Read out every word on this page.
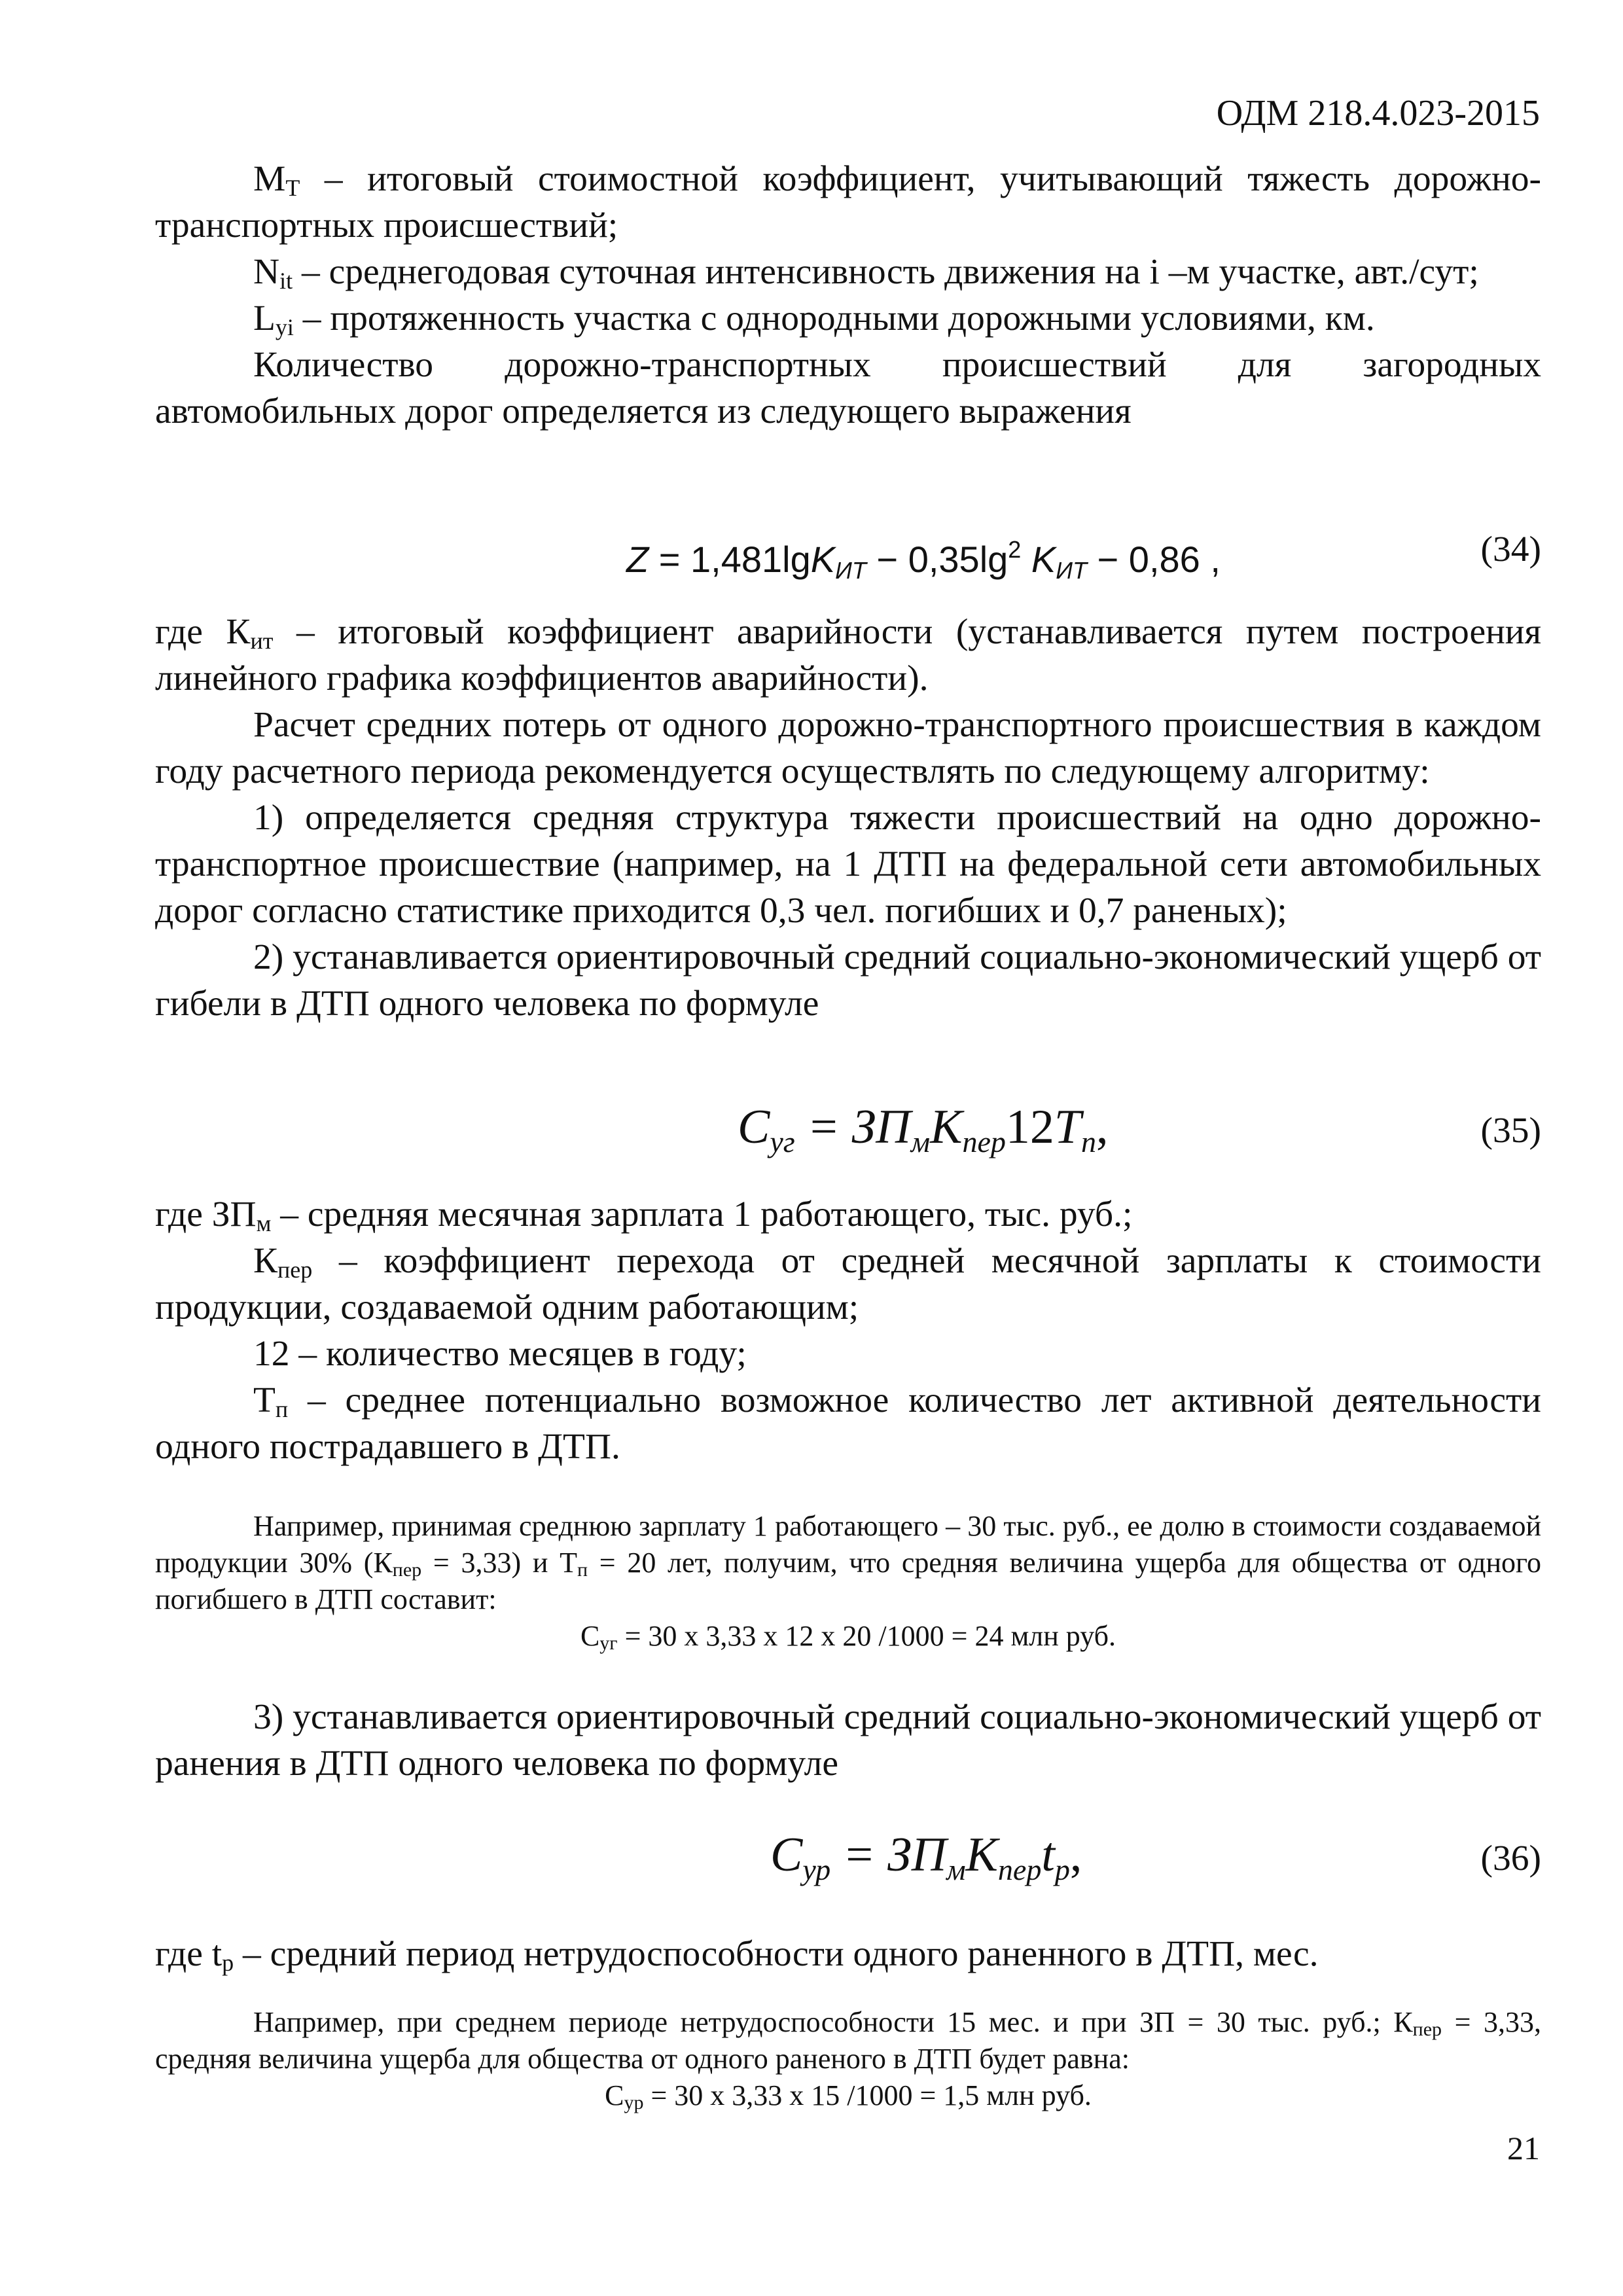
ОДМ 218.4.023-2015

$M_T$ – итоговый стоимостной коэффициент, учитывающий тяжесть дорожно-транспортных происшествий;

$N_{it}$ – среднегодовая суточная интенсивность движения на i –м участке, авт./сут;

$L_{yi}$ – протяженность участка с однородными дорожными условиями, км.

Количество дорожно-транспортных происшествий для загородных автомобильных дорог определяется из следующего выражения

$Z = 1,481\lg K_{ИТ} - 0,35\lg^2$ $K_{ИТ} - 0,86$ ,	(34)

где $К_{ит}$ – итоговый коэффициент аварийности (устанавливается путем построения линейного графика коэффициентов аварийности).

Расчет средних потерь от одного дорожно-транспортного происшествия в каждом году расчетного периода рекомендуется осуществлять по следующему алгоритму:

1) определяется средняя структура тяжести происшествий на одно дорожно-транспортное происшествие (например, на 1 ДТП на федеральной сети автомобильных дорог согласно статистике приходится 0,3 чел. погибших и 0,7 раненых);

2) устанавливается ориентировочный средний социально-экономический ущерб от гибели в ДТП одного человека по формуле

$C_{уг} = ЗП_мK_{пер}12T_п$,	(35)

где $ЗП_м$ – средняя месячная зарплата 1 работающего, тыс. руб.;

$К_{пер}$ – коэффициент перехода от средней месячной зарплаты к стоимости продукции, создаваемой одним работающим;

12 – количество месяцев в году;

$Т_п$ – среднее потенциально возможное количество лет активной деятельности одного пострадавшего в ДТП.

Например, принимая среднюю зарплату 1 работающего – 30 тыс. руб., ее долю в стоимости создаваемой продукции 30% $(К_{пер} = 3,33)$ и $Т_п = 20$ лет, получим, что средняя величина ущерба для общества от одного погибшего в ДТП составит:

$С_{уг} = 30$ х 3,33 х 12 х 20 /1000 = 24 млн руб.

3) устанавливается ориентировочный средний социально-экономический ущерб от ранения в ДТП одного человека по формуле

$C_{ур} = ЗП_мK_{пер}t_р$,	(36)

где $t_р$ – средний период нетрудоспособности одного раненного в ДТП, мес.

Например, при среднем периоде нетрудоспособности 15 мес. и при ЗП = 30 тыс. руб.; $К_{пер} = 3,33$, средняя величина ущерба для общества от одного раненого в ДТП будет равна:

$С_{ур} = 30$ х 3,33 х 15 /1000 = 1,5 млн руб.

21
